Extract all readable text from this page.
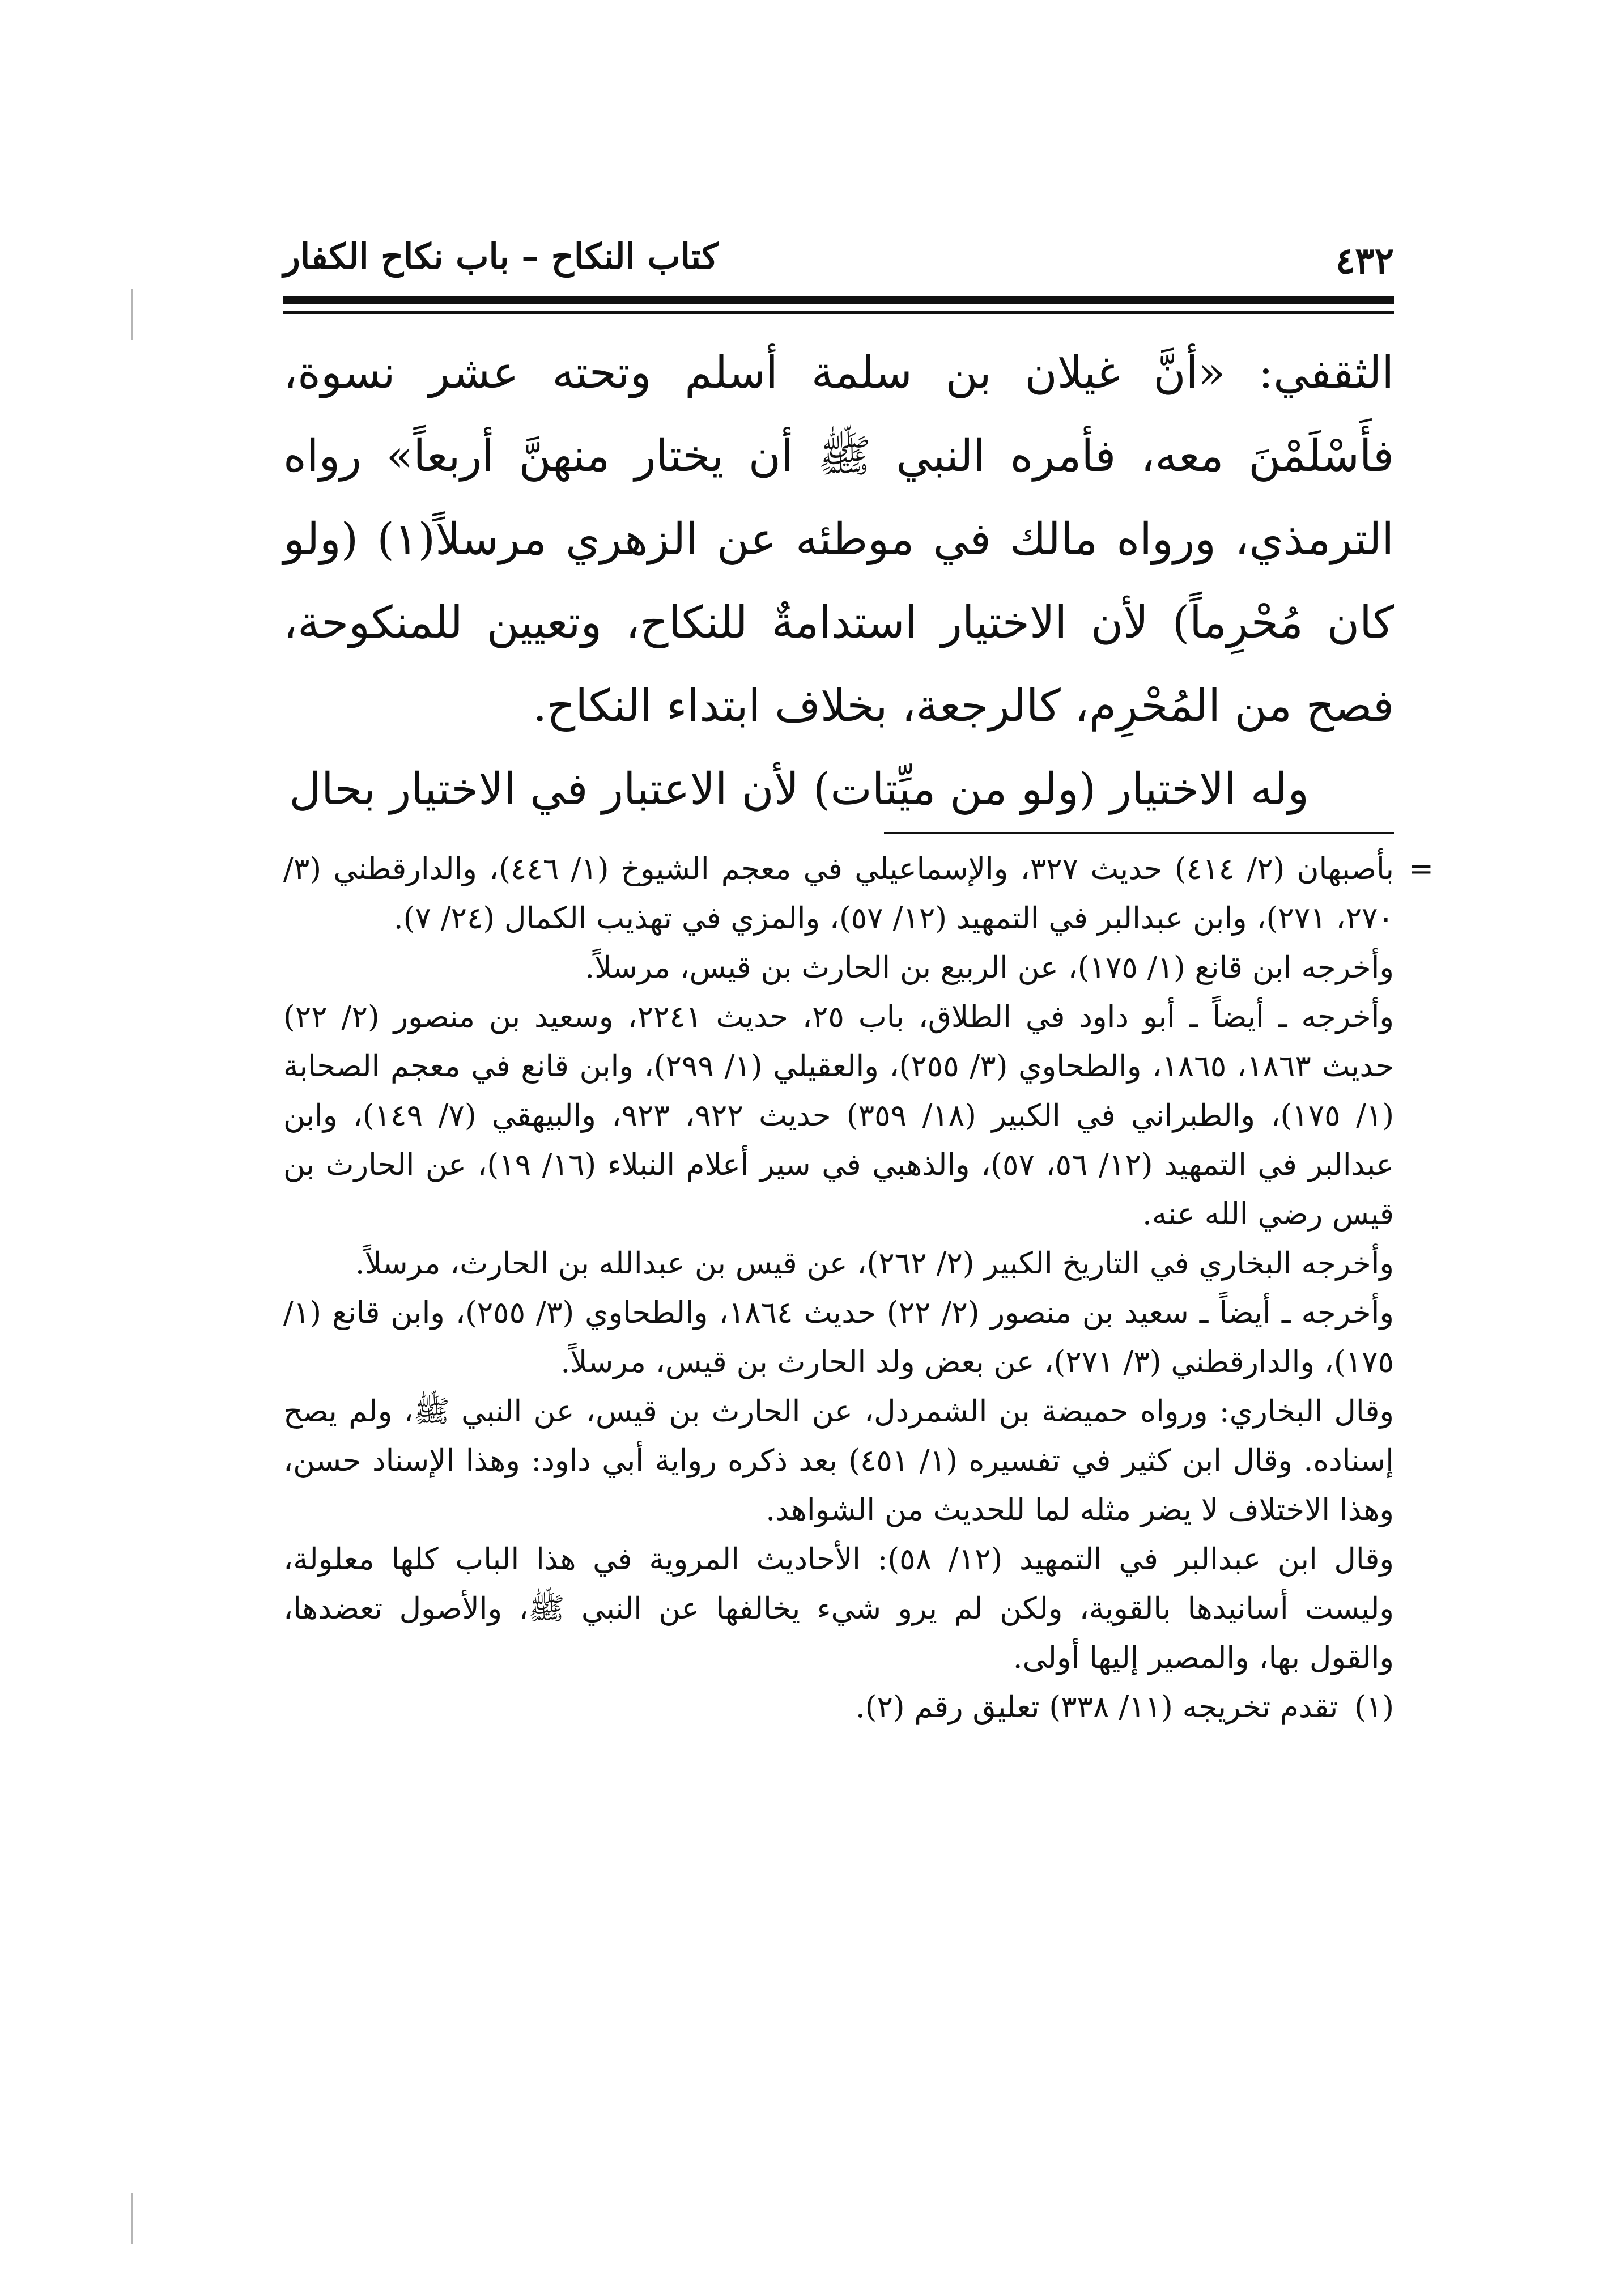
٤٣٢
كتاب النكاح – باب نكاح الكفار

الثقفي: «أنَّ غيلان بن سلمة أسلم وتحته عشر نسوة، فأَسْلَمْنَ معه، فأمره النبي ﷺ أن يختار منهنَّ أربعاً» رواه الترمذي، ورواه مالك في موطئه عن الزهري مرسلاً(١) (ولو كان مُحْرِماً) لأن الاختيار استدامةٌ للنكاح، وتعيين للمنكوحة، فصح من المُحْرِم، كالرجعة، بخلاف ابتداء النكاح.

وله الاختيار (ولو من ميِّتات) لأن الاعتبار في الاختيار بحال

=
بأصبهان (٢/ ٤١٤) حديث ٣٢٧، والإسماعيلي في معجم الشيوخ (١/ ٤٤٦)، والدارقطني (٣/ ٢٧٠، ٢٧١)، وابن عبدالبر في التمهيد (١٢/ ٥٧)، والمزي في تهذيب الكمال (٢٤/ ٧).

وأخرجه ابن قانع (١/ ١٧٥)، عن الربيع بن الحارث بن قيس، مرسلاً.

وأخرجه ـ أيضاً ـ أبو داود في الطلاق، باب ٢٥، حديث ٢٢٤١، وسعيد بن منصور (٢/ ٢٢) حديث ١٨٦٣، ١٨٦٥، والطحاوي (٣/ ٢٥٥)، والعقيلي (١/ ٢٩٩)، وابن قانع في معجم الصحابة (١/ ١٧٥)، والطبراني في الكبير (١٨/ ٣٥٩) حديث ٩٢٢، ٩٢٣، والبيهقي (٧/ ١٤٩)، وابن عبدالبر في التمهيد (١٢/ ٥٦، ٥٧)، والذهبي في سير أعلام النبلاء (١٦/ ١٩)، عن الحارث بن قيس رضي الله عنه.

وأخرجه البخاري في التاريخ الكبير (٢/ ٢٦٢)، عن قيس بن عبدالله بن الحارث، مرسلاً.

وأخرجه ـ أيضاً ـ سعيد بن منصور (٢/ ٢٢) حديث ١٨٦٤، والطحاوي (٣/ ٢٥٥)، وابن قانع (١/ ١٧٥)، والدارقطني (٣/ ٢٧١)، عن بعض ولد الحارث بن قيس، مرسلاً.

وقال البخاري: ورواه حميضة بن الشمردل، عن الحارث بن قيس، عن النبي ﷺ، ولم يصح إسناده. وقال ابن كثير في تفسيره (١/ ٤٥١) بعد ذكره رواية أبي داود: وهذا الإسناد حسن، وهذا الاختلاف لا يضر مثله لما للحديث من الشواهد.

وقال ابن عبدالبر في التمهيد (١٢/ ٥٨): الأحاديث المروية في هذا الباب كلها معلولة، وليست أسانيدها بالقوية، ولكن لم يرو شيء يخالفها عن النبي ﷺ، والأصول تعضدها، والقول بها، والمصير إليها أولى.

(١) تقدم تخريجه (١١/ ٣٣٨) تعليق رقم (٢).
